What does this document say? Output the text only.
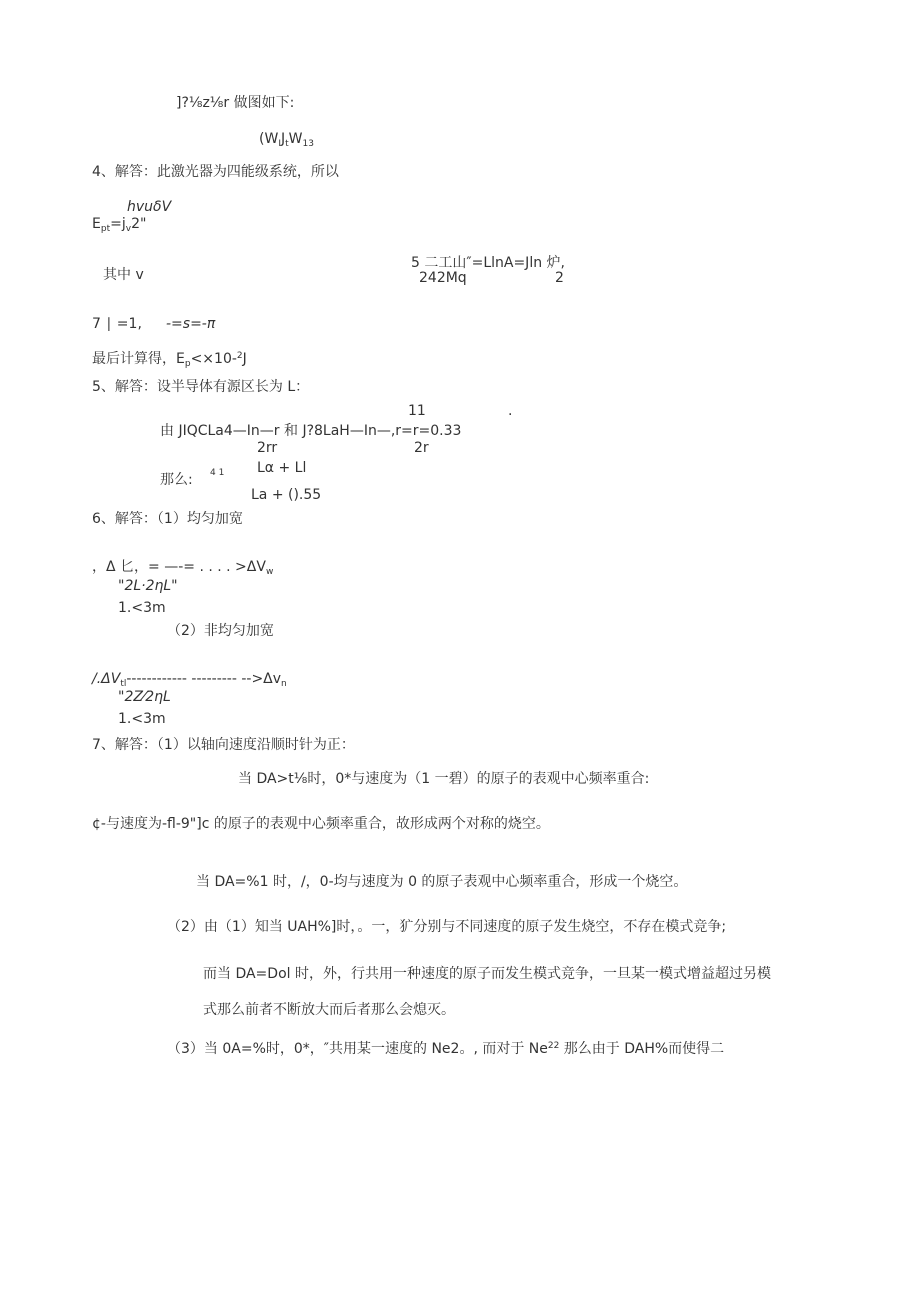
]?⅛z⅛r 做图如下:
($W_IJ_tW_{13}$
4、解答：此激光器为四能级系统，所以
hvuδV
$E_{pt}=j_v2$"
其中 v
5 二工山″=LlnA=Jln 炉,
242Mq	2
7 ∣ =1, -=s=-π
最后计算得，$E_p<\times 10-^2J$
5、解答：设半导体有源区长为 L：
11	.
由 JIQCLa4—In—r 和 J?8LaH—In—,r=r=0.33
2rr	2r
那么: 4 1 Lα + Ll
La + ().55
6、解答：（1）均匀加宽
，Δ 匕，= —-= . . . . $>\Delta V_w$
"2L·2ηL"
1.<3m
（2）非均匀加宽
$/.\Delta V_{tl}------------$ --------- $-->\Delta v_n$
"2Z⁄2ηL
1.<3m
7、解答：（1）以轴向速度沿顺时针为正：
当 DA>t⅛时，0*与速度为（1 一碧）的原子的表观中心频率重合:
¢-与速度为-fl-9"]c 的原子的表观中心频率重合，故形成两个对称的烧空。
当 DA=%1 时，/，0-均与速度为 0 的原子表观中心频率重合，形成一个烧空。
（2）由（1）知当 UAH%]时，。一，犷分别与不同速度的原子发生烧空，不存在模式竞争;
而当 DA=Dol 时，外，行共用一种速度的原子而发生模式竞争，一旦某一模式增益超过另模
式那么前者不断放大而后者那么会熄灭。
（3）当 0A=%时，0*，″共用某一速度的 Ne2。, 而对于 Ne$^{22}$ 那么由于 DAH%而使得二
